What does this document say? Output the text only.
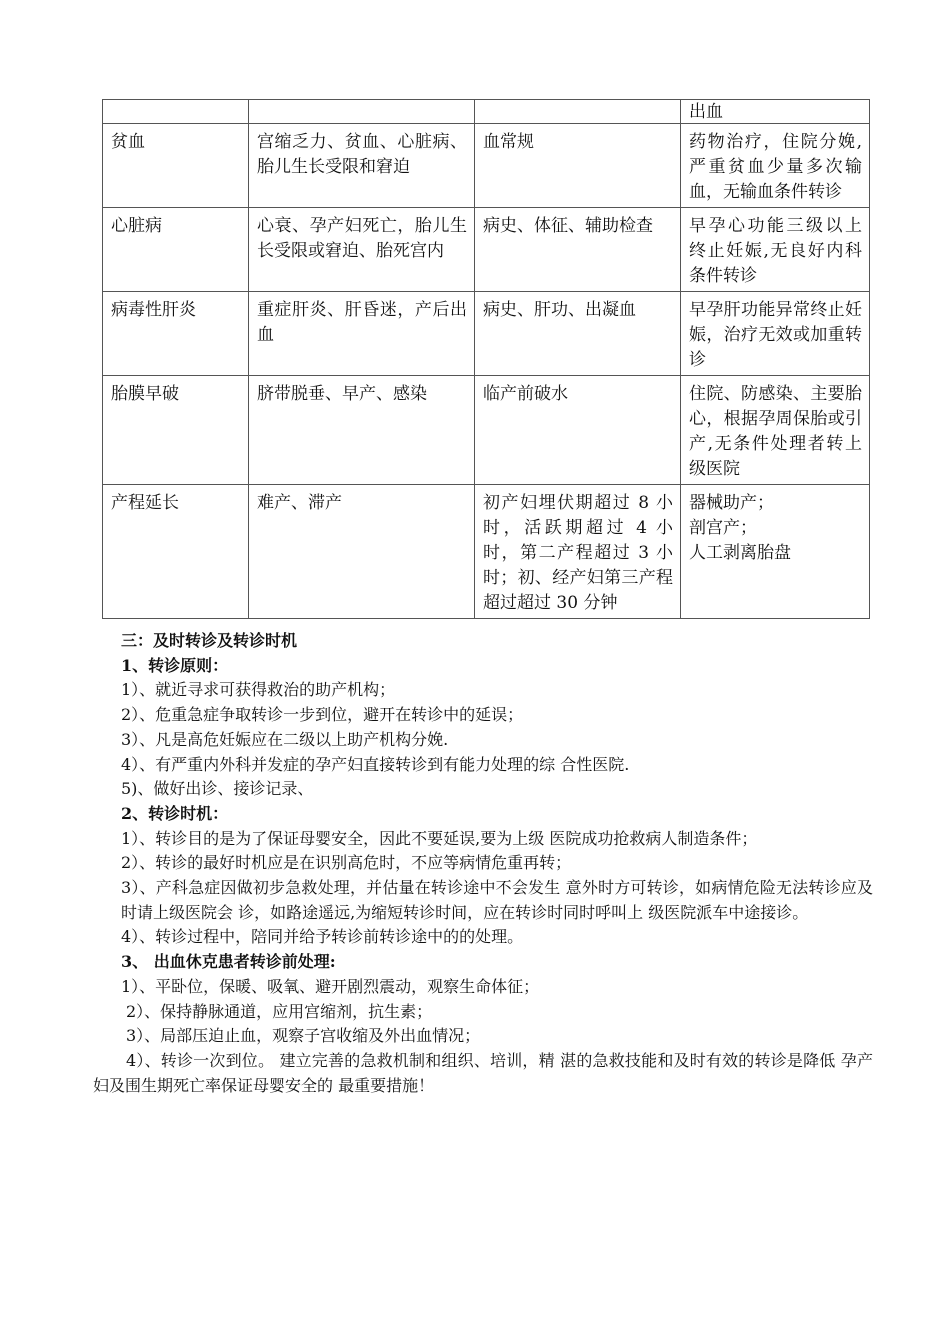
			出血

贫血	宫缩乏力、贫血、心脏病、胎儿生长受限和窘迫	血常规	药物治疗，住院分娩,严重贫血少量多次输 血，无输血条件转诊

心脏病	心衰、孕产妇死亡，胎儿生长受限或窘迫、胎死宫内	病史、体征、辅助检查	早孕心功能三级以上 终止妊娠,无良好内科条件转诊

病毒性肝炎	重症肝炎、肝昏迷，产后出血	病史、肝功、出凝血	早孕肝功能异常终止妊娠，治疗无效或加重转诊

胎膜早破	脐带脱垂、早产、感染	临产前破水	住院、防感染、主要胎心，根据孕周保胎或引产,无条件处理者转上级医院

产程延长	难产、滞产	初产妇埋伏期超过 8 小时，活跃期超过 4 小时，第二产程超过 3 小时；初、经产妇第三产程超过超过 30 分钟	器械助产；
剖宫产；
人工剥离胎盘

三：及时转诊及转诊时机

1、转诊原则：

1）、就近寻求可获得救治的助产机构；

2）、危重急症争取转诊一步到位，避开在转诊中的延误；

3）、凡是高危妊娠应在二级以上助产机构分娩.

4）、有严重内外科并发症的孕产妇直接转诊到有能力处理的综 合性医院.

5)、做好出诊、接诊记录、

2、转诊时机：

1）、转诊目的是为了保证母婴安全，因此不要延误,要为上级 医院成功抢救病人制造条件；

2）、转诊的最好时机应是在识别高危时，不应等病情危重再转；

3）、产科急症因做初步急救处理，并估量在转诊途中不会发生 意外时方可转诊，如病情危险无法转诊应及时请上级医院会 诊，如路途遥远,为缩短转诊时间，应在转诊时同时呼叫上 级医院派车中途接诊。

4）、转诊过程中，陪同并给予转诊前转诊途中的的处理。

3、 出血休克患者转诊前处理:

1）、平卧位，保暖、吸氧、避开剧烈震动，观察生命体征；

2）、保持静脉通道，应用宫缩剂，抗生素；

3）、局部压迫止血，观察子宫收缩及外出血情况；

4）、转诊一次到位。 建立完善的急救机制和组织、培训，精 湛的急救技能和及时有效的转诊是降低 孕产妇及围生期死亡率保证母婴安全的 最重要措施！
